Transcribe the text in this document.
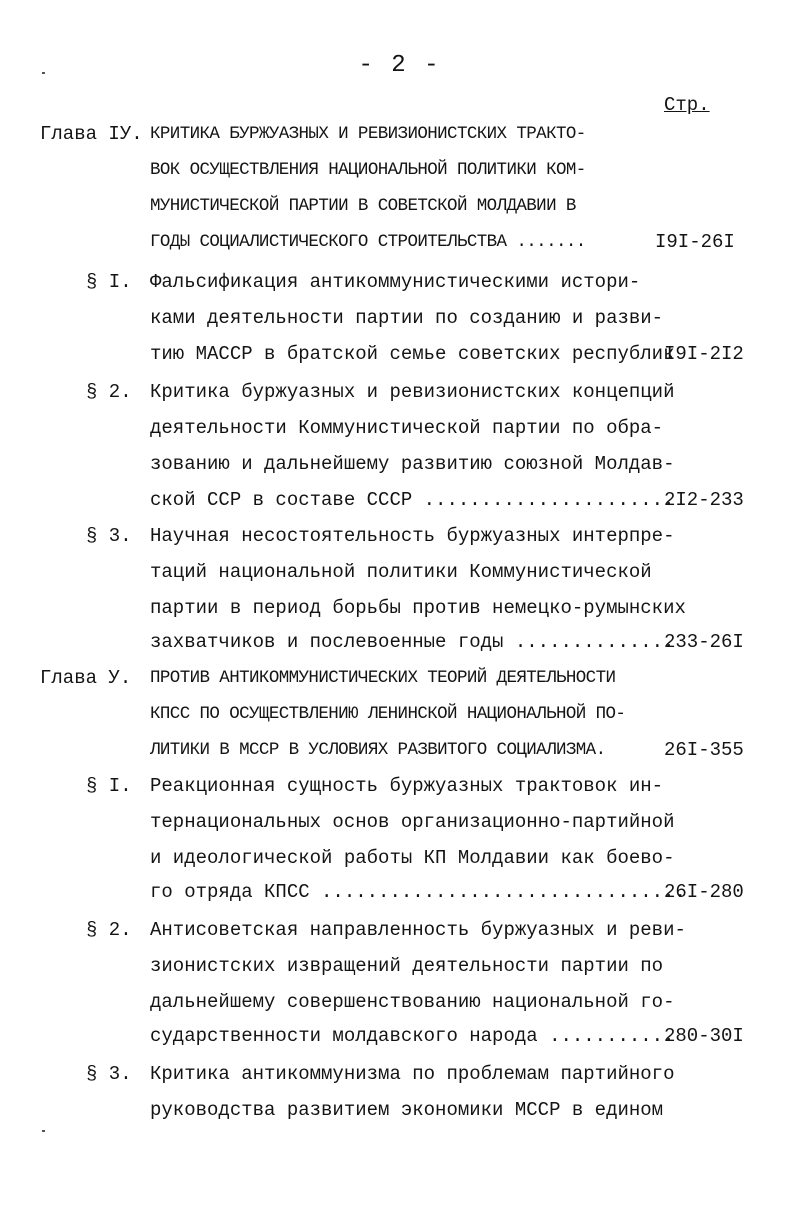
- 2 -
Стр.
Глава IУ. КРИТИКА БУРЖУАЗНЫХ И РЕВИЗИОНИСТСКИХ ТРАКТО-
ВОК ОСУЩЕСТВЛЕНИЯ НАЦИОНАЛЬНОЙ ПОЛИТИКИ КОМ-
МУНИСТИЧЕСКОЙ ПАРТИИ В СОВЕТСКОЙ МОЛДАВИИ В
ГОДЫ СОЦИАЛИСТИЧЕСКОГО СТРОИТЕЛЬСТВА .......	I9I-26I
§ I. Фальсификация антикоммунистическими истори-
ками деятельности партии по созданию и разви-
тию МАССР в братской семье советских республик
I9I-2I2
§ 2. Критика буржуазных и ревизионистских концепций
деятельности Коммунистической партии по обра-
зованию и дальнейшему развитию союзной Молдав-
ской ССР в составе СССР ......................
2I2-233
§ 3. Научная несостоятельность буржуазных интерпре-
таций национальной политики Коммунистической
партии в период борьбы против немецко-румынских
захватчиков и послевоенные годы ..............
233-26I
Глава У. ПРОТИВ АНТИКОММУНИСТИЧЕСКИХ ТЕОРИЙ ДЕЯТЕЛЬНОСТИ
КПСС ПО ОСУЩЕСТВЛЕНИЮ ЛЕНИНСКОЙ НАЦИОНАЛЬНОЙ ПО-
ЛИТИКИ В МССР В УСЛОВИЯХ РАЗВИТОГО СОЦИАЛИЗМА.	26I-355
§ I. Реакционная сущность буржуазных трактовок ин-
тернациональных основ организационно-партийной
и идеологической работы КП Молдавии как боево-
го отряда КПСС ................................
26I-280
§ 2. Антисоветская направленность буржуазных и реви-
зионистских извращений деятельности партии по
дальнейшему совершенствованию национальной го-
сударственности молдавского народа ...........
280-30I
§ 3. Критика антикоммунизма по проблемам партийного
руководства развитием экономики МССР в едином
